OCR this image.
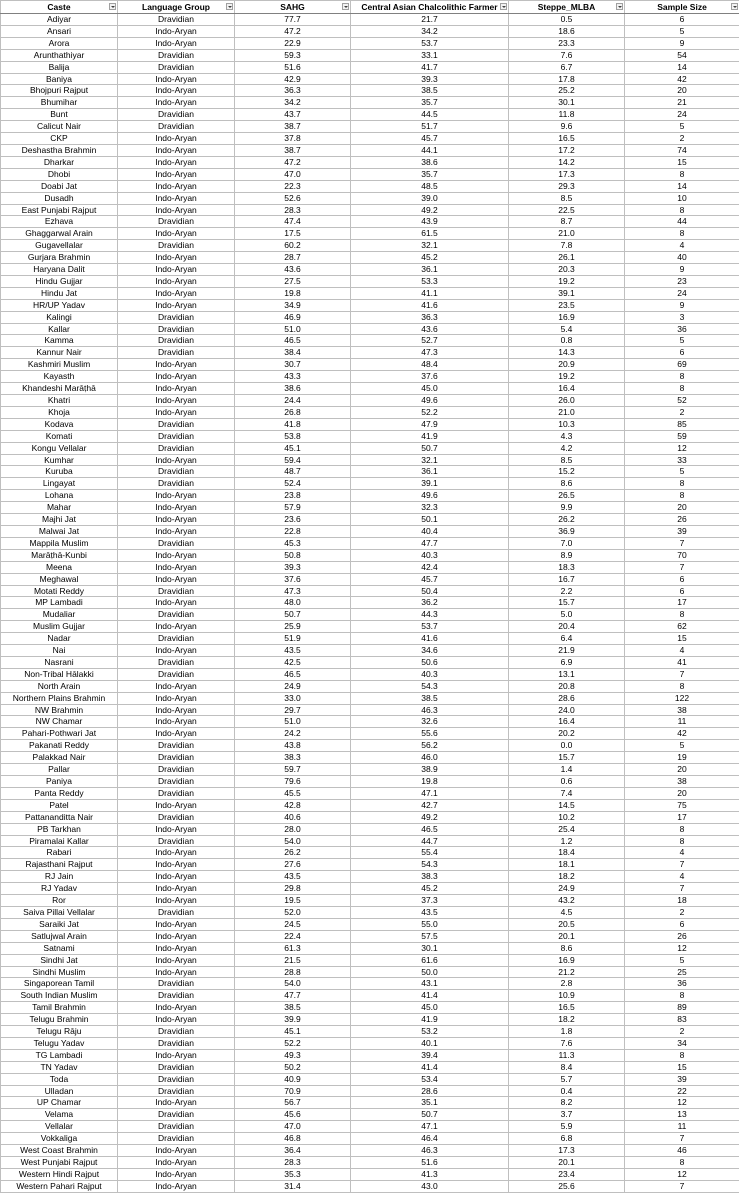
Caste	Language Group	SAHG	Central Asian Chalcolithic Farmer	Steppe_MLBA	Sample Size

Adiyar	Dravidian	77.7	21.7	0.5	6
Ansari	Indo-Aryan	47.2	34.2	18.6	5
Arora	Indo-Aryan	22.9	53.7	23.3	9
Arunthathiyar	Dravidian	59.3	33.1	7.6	54
Balija	Dravidian	51.6	41.7	6.7	14
Baniya	Indo-Aryan	42.9	39.3	17.8	42
Bhojpuri Rajput	Indo-Aryan	36.3	38.5	25.2	20
Bhumihar	Indo-Aryan	34.2	35.7	30.1	21
Bunt	Dravidian	43.7	44.5	11.8	24
Calicut Nair	Dravidian	38.7	51.7	9.6	5
CKP	Indo-Aryan	37.8	45.7	16.5	2
Deshastha Brahmin	Indo-Aryan	38.7	44.1	17.2	74
Dharkar	Indo-Aryan	47.2	38.6	14.2	15
Dhobi	Indo-Aryan	47.0	35.7	17.3	8
Doabi Jat	Indo-Aryan	22.3	48.5	29.3	14
Dusadh	Indo-Aryan	52.6	39.0	8.5	10
East Punjabi Rajput	Indo-Aryan	28.3	49.2	22.5	8
Ezhava	Dravidian	47.4	43.9	8.7	44
Ghaggarwal Arain	Indo-Aryan	17.5	61.5	21.0	8
Gugavellalar	Dravidian	60.2	32.1	7.8	4
Gurjara Brahmin	Indo-Aryan	28.7	45.2	26.1	40
Haryana Dalit	Indo-Aryan	43.6	36.1	20.3	9
Hindu Gujjar	Indo-Aryan	27.5	53.3	19.2	23
Hindu Jat	Indo-Aryan	19.8	41.1	39.1	24
HR/UP Yadav	Indo-Aryan	34.9	41.6	23.5	9
Kalingi	Dravidian	46.9	36.3	16.9	3
Kallar	Dravidian	51.0	43.6	5.4	36
Kamma	Dravidian	46.5	52.7	0.8	5
Kannur Nair	Dravidian	38.4	47.3	14.3	6
Kashmiri Muslim	Indo-Aryan	30.7	48.4	20.9	69
Kayasth	Indo-Aryan	43.3	37.6	19.2	8
Khandeshi Marāṭhā	Indo-Aryan	38.6	45.0	16.4	8
Khatri	Indo-Aryan	24.4	49.6	26.0	52
Khoja	Indo-Aryan	26.8	52.2	21.0	2
Kodava	Dravidian	41.8	47.9	10.3	85
Komati	Dravidian	53.8	41.9	4.3	59
Kongu Vellalar	Dravidian	45.1	50.7	4.2	12
Kumhar	Indo-Aryan	59.4	32.1	8.5	33
Kuruba	Dravidian	48.7	36.1	15.2	5
Lingayat	Dravidian	52.4	39.1	8.6	8
Lohana	Indo-Aryan	23.8	49.6	26.5	8
Mahar	Indo-Aryan	57.9	32.3	9.9	20
Majhi Jat	Indo-Aryan	23.6	50.1	26.2	26
Malwai Jat	Indo-Aryan	22.8	40.4	36.9	39
Mappila Muslim	Dravidian	45.3	47.7	7.0	7
Marāṭhā-Kunbi	Indo-Aryan	50.8	40.3	8.9	70
Meena	Indo-Aryan	39.3	42.4	18.3	7
Meghawal	Indo-Aryan	37.6	45.7	16.7	6
Motati Reddy	Dravidian	47.3	50.4	2.2	6
MP Lambadi	Indo-Aryan	48.0	36.2	15.7	17
Mudaliar	Dravidian	50.7	44.3	5.0	8
Muslim Gujjar	Indo-Aryan	25.9	53.7	20.4	62
Nadar	Dravidian	51.9	41.6	6.4	15
Nai	Indo-Aryan	43.5	34.6	21.9	4
Nasrani	Dravidian	42.5	50.6	6.9	41
Non-Tribal Hālakki	Dravidian	46.5	40.3	13.1	7
North Arain	Indo-Aryan	24.9	54.3	20.8	8
Northern Plains Brahmin	Indo-Aryan	33.0	38.5	28.6	122
NW Brahmin	Indo-Aryan	29.7	46.3	24.0	38
NW Chamar	Indo-Aryan	51.0	32.6	16.4	11
Pahari-Pothwari Jat	Indo-Aryan	24.2	55.6	20.2	42
Pakanati Reddy	Dravidian	43.8	56.2	0.0	5
Palakkad Nair	Dravidian	38.3	46.0	15.7	19
Pallar	Dravidian	59.7	38.9	1.4	20
Paniya	Dravidian	79.6	19.8	0.6	38
Panta Reddy	Dravidian	45.5	47.1	7.4	20
Patel	Indo-Aryan	42.8	42.7	14.5	75
Pattananditta Nair	Dravidian	40.6	49.2	10.2	17
PB Tarkhan	Indo-Aryan	28.0	46.5	25.4	8
Piramalai Kallar	Dravidian	54.0	44.7	1.2	8
Rabari	Indo-Aryan	26.2	55.4	18.4	4
Rajasthani Rajput	Indo-Aryan	27.6	54.3	18.1	7
RJ Jain	Indo-Aryan	43.5	38.3	18.2	4
RJ Yadav	Indo-Aryan	29.8	45.2	24.9	7
Ror	Indo-Aryan	19.5	37.3	43.2	18
Saiva Pillai Vellalar	Dravidian	52.0	43.5	4.5	2
Saraiki Jat	Indo-Aryan	24.5	55.0	20.5	6
Satlujwal Arain	Indo-Aryan	22.4	57.5	20.1	26
Satnami	Indo-Aryan	61.3	30.1	8.6	12
Sindhi Jat	Indo-Aryan	21.5	61.6	16.9	5
Sindhi Muslim	Indo-Aryan	28.8	50.0	21.2	25
Singaporean Tamil	Dravidian	54.0	43.1	2.8	36
South Indian Muslim	Dravidian	47.7	41.4	10.9	8
Tamil Brahmin	Indo-Aryan	38.5	45.0	16.5	89
Telugu Brahmin	Indo-Aryan	39.9	41.9	18.2	83
Telugu Rāju	Dravidian	45.1	53.2	1.8	2
Telugu Yadav	Dravidian	52.2	40.1	7.6	34
TG Lambadi	Indo-Aryan	49.3	39.4	11.3	8
TN Yadav	Dravidian	50.2	41.4	8.4	15
Toda	Dravidian	40.9	53.4	5.7	39
Ulladan	Dravidian	70.9	28.6	0.4	22
UP Chamar	Indo-Aryan	56.7	35.1	8.2	12
Velama	Dravidian	45.6	50.7	3.7	13
Vellalar	Dravidian	47.0	47.1	5.9	11
Vokkaliga	Dravidian	46.8	46.4	6.8	7
West Coast Brahmin	Indo-Aryan	36.4	46.3	17.3	46
West Punjabi Rajput	Indo-Aryan	28.3	51.6	20.1	8
Western Hindi Rajput	Indo-Aryan	35.3	41.3	23.4	12
Western Pahari Rajput	Indo-Aryan	31.4	43.0	25.6	7
